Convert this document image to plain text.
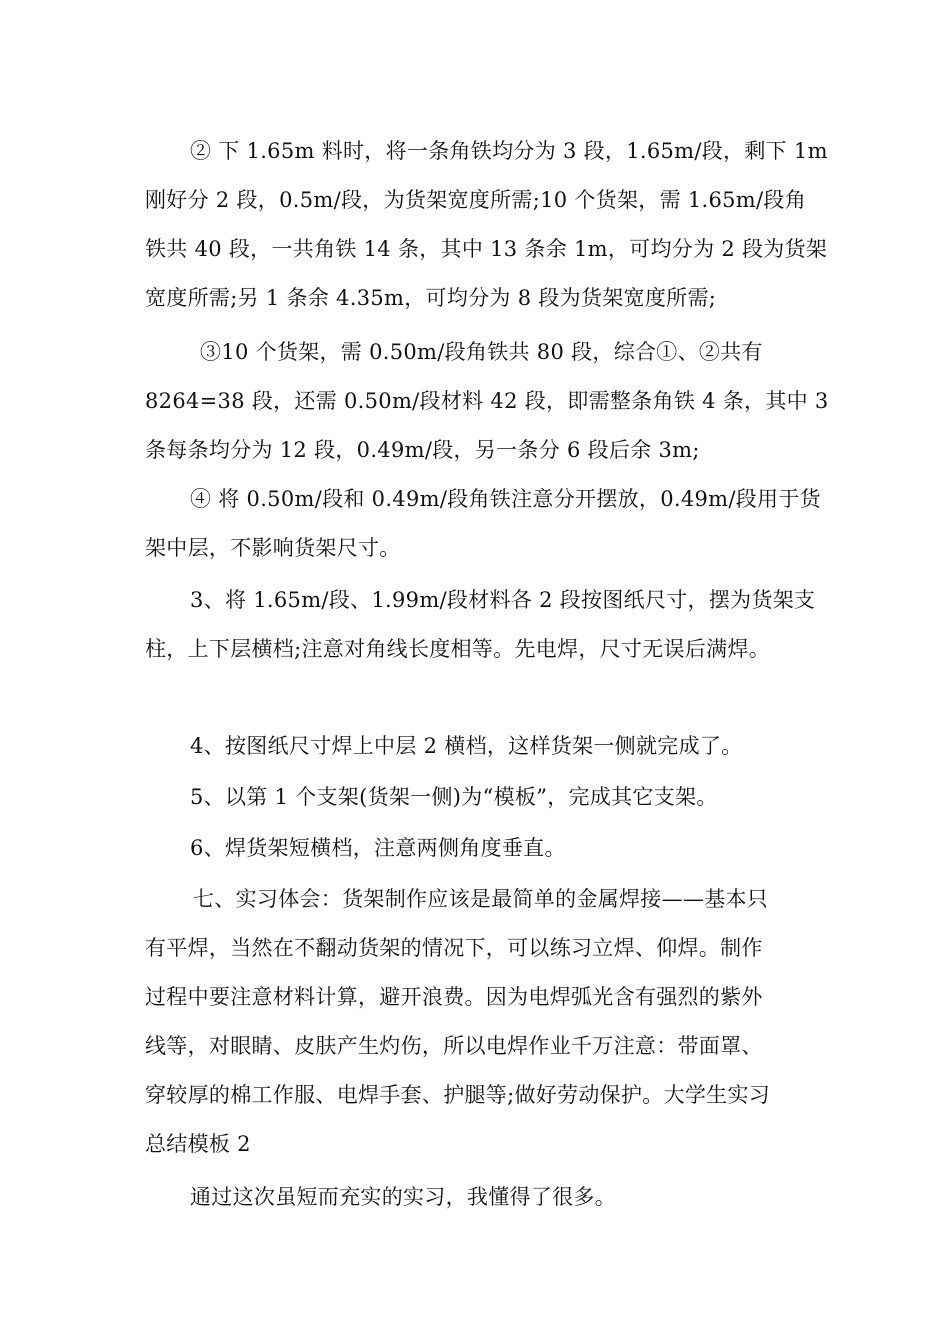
② 下 1.65m 料时，将一条角铁均分为 3 段，1.65m/段，剩下 1m
刚好分 2 段，0.5m/段，为货架宽度所需;10 个货架，需 1.65m/段角
铁共 40 段，一共角铁 14 条，其中 13 条余 1m，可均分为 2 段为货架
宽度所需;另 1 条余 4.35m，可均分为 8 段为货架宽度所需;
③10 个货架，需 0.50m/段角铁共 80 段，综合①、②共有
8264=38 段，还需 0.50m/段材料 42 段，即需整条角铁 4 条，其中 3
条每条均分为 12 段，0.49m/段，另一条分 6 段后余 3m;
④ 将 0.50m/段和 0.49m/段角铁注意分开摆放，0.49m/段用于货
架中层，不影响货架尺寸。
3、将 1.65m/段、1.99m/段材料各 2 段按图纸尺寸，摆为货架支
柱，上下层横档;注意对角线长度相等。先电焊，尺寸无误后满焊。
4、按图纸尺寸焊上中层 2 横档，这样货架一侧就完成了。
5、以第 1 个支架(货架一侧)为“模板”，完成其它支架。
6、焊货架短横档，注意两侧角度垂直。
七、实习体会：货架制作应该是最简单的金属焊接——基本只
有平焊，当然在不翻动货架的情况下，可以练习立焊、仰焊。制作
过程中要注意材料计算，避开浪费。因为电焊弧光含有强烈的紫外
线等，对眼睛、皮肤产生灼伤，所以电焊作业千万注意：带面罩、
穿较厚的棉工作服、电焊手套、护腿等;做好劳动保护。大学生实习
总结模板 2
通过这次虽短而充实的实习，我懂得了很多。
